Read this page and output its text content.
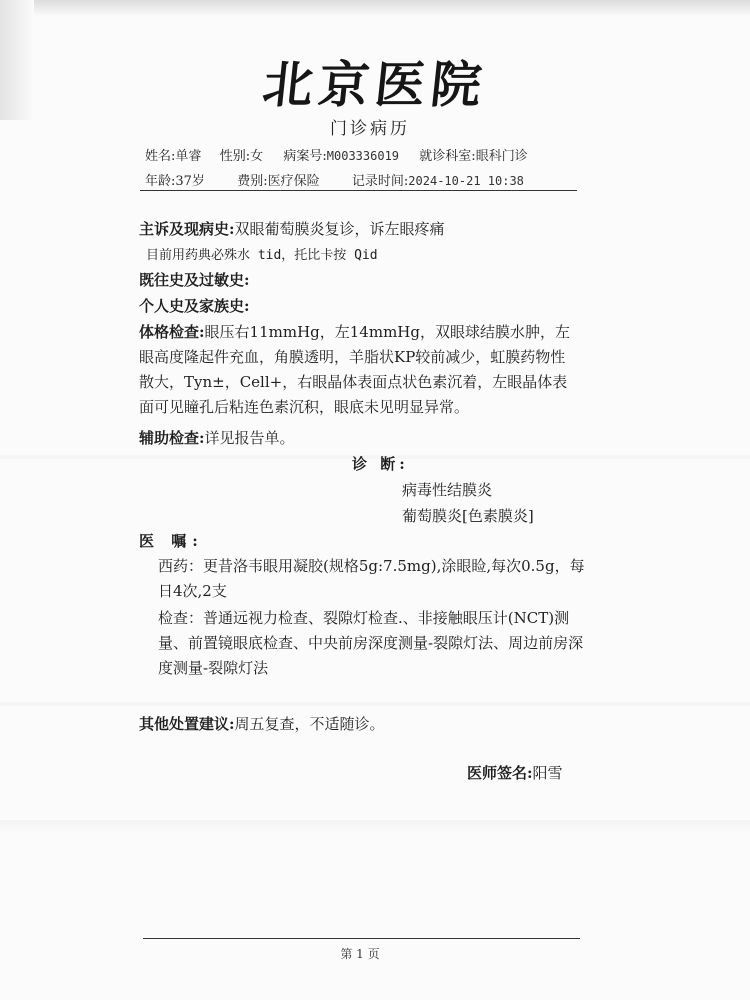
北京医院
门诊病历
姓名:单睿 性别:女 病案号:M003336019 就诊科室:眼科门诊
年龄:37岁 费别:医疗保险 记录时间:2024-10-21 10:38
主诉及现病史:双眼葡萄膜炎复诊，诉左眼疼痛
目前用药典必殊水 tid，托比卡按 Qid
既往史及过敏史:
个人史及家族史:
体格检查:眼压右11mmHg，左14mmHg，双眼球结膜水肿，左眼高度隆起件充血，角膜透明，羊脂状KP较前减少，虹膜药物性散大，Tyn±，Cell+，右眼晶体表面点状色素沉着，左眼晶体表面可见瞳孔后粘连色素沉积，眼底未见明显异常。
辅助检查:详见报告单。
诊 断:
病毒性结膜炎
葡萄膜炎[色素膜炎]
医 嘱:
西药：更昔洛韦眼用凝胶(规格5g:7.5mg),涂眼睑,每次0.5g，每日4次,2支
检查：普通远视力检查、裂隙灯检查.、非接触眼压计(NCT)测量、前置镜眼底检查、中央前房深度测量-裂隙灯法、周边前房深度测量-裂隙灯法
其他处置建议:周五复查，不适随诊。
医师签名:阳雪
第 1 页
